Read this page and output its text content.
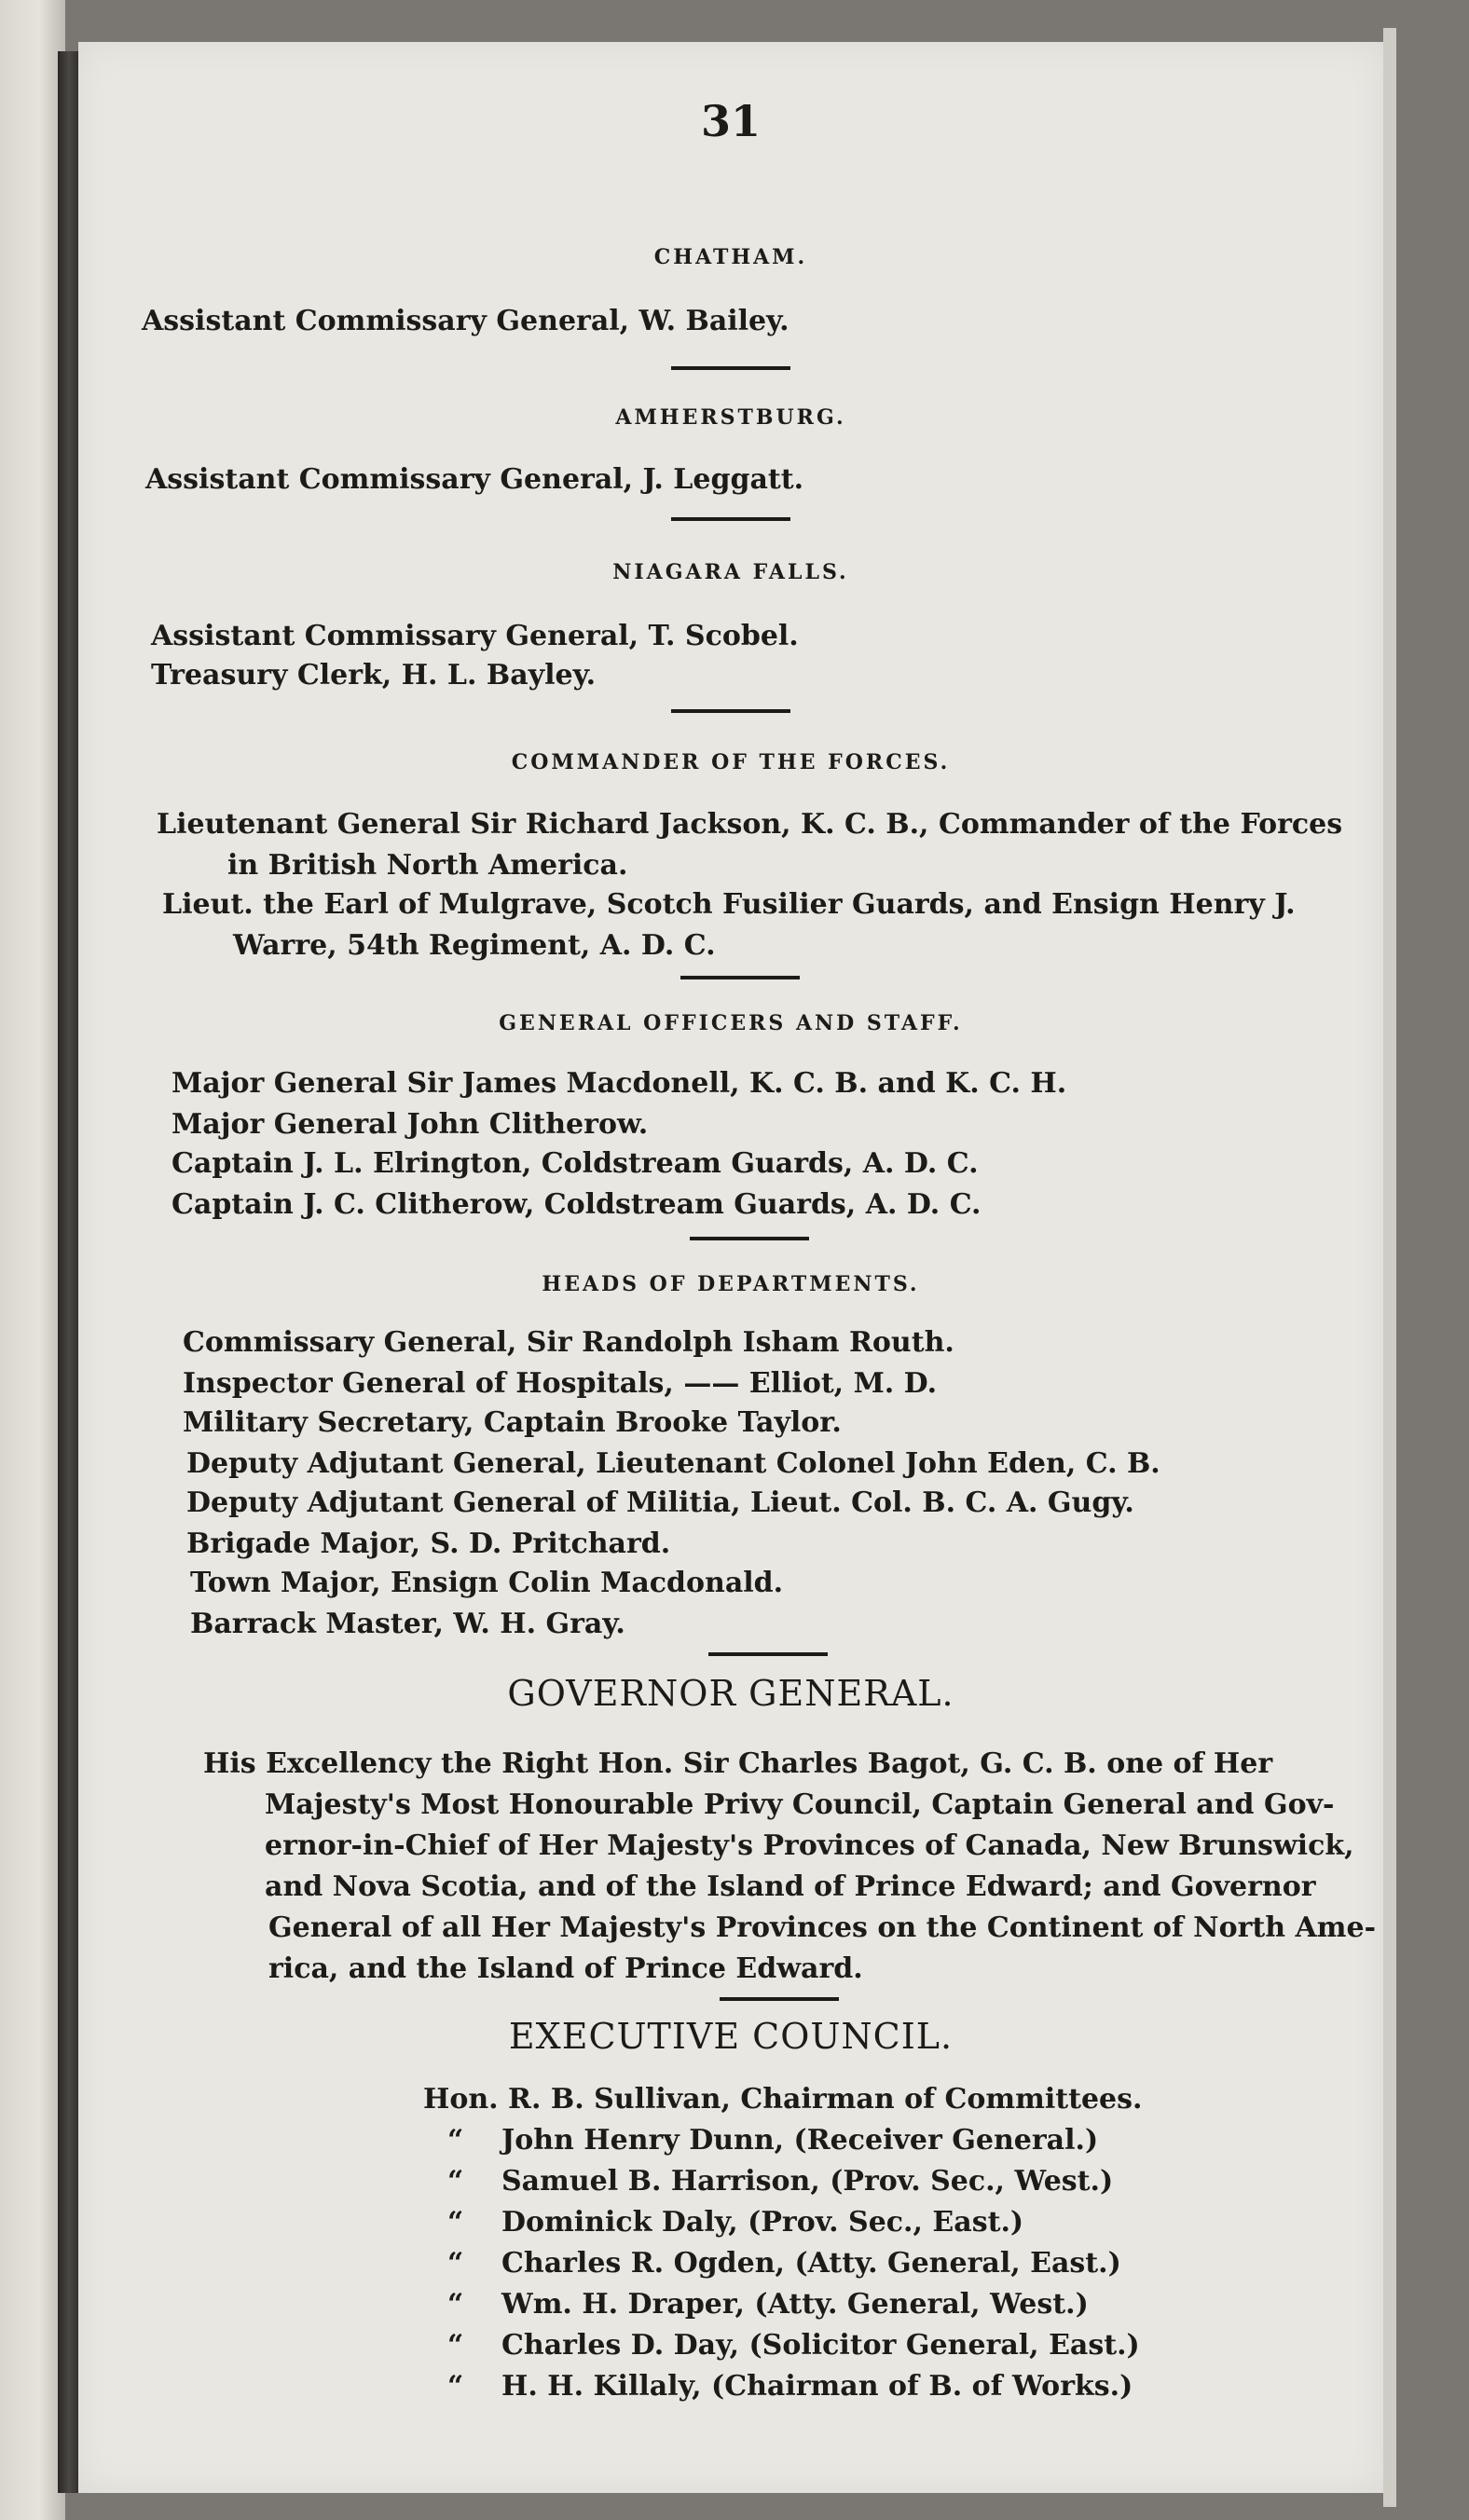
31
CHATHAM.
Assistant Commissary General, W. Bailey.
AMHERSTBURG.
Assistant Commissary General, J. Leggatt.
NIAGARA FALLS.
Assistant Commissary General, T. Scobel.
Treasury Clerk, H. L. Bayley.
COMMANDER OF THE FORCES.
Lieutenant General Sir Richard Jackson, K. C. B., Commander of the Forces
in British North America.
Lieut. the Earl of Mulgrave, Scotch Fusilier Guards, and Ensign Henry J.
Warre, 54th Regiment, A. D. C.
GENERAL OFFICERS AND STAFF.
Major General Sir James Macdonell, K. C. B. and K. C. H.
Major General John Clitherow.
Captain J. L. Elrington, Coldstream Guards, A. D. C.
Captain J. C. Clitherow, Coldstream Guards, A. D. C.
HEADS OF DEPARTMENTS.
Commissary General, Sir Randolph Isham Routh.
Inspector General of Hospitals, —— Elliot, M. D.
Military Secretary, Captain Brooke Taylor.
Deputy Adjutant General, Lieutenant Colonel John Eden, C. B.
Deputy Adjutant General of Militia, Lieut. Col. B. C. A. Gugy.
Brigade Major, S. D. Pritchard.
Town Major, Ensign Colin Macdonald.
Barrack Master, W. H. Gray.
GOVERNOR GENERAL.
His Excellency the Right Hon. Sir Charles Bagot, G. C. B. one of Her
Majesty's Most Honourable Privy Council, Captain General and Gov-
ernor-in-Chief of Her Majesty's Provinces of Canada, New Brunswick,
and Nova Scotia, and of the Island of Prince Edward; and Governor
General of all Her Majesty's Provinces on the Continent of North Ame-
rica, and the Island of Prince Edward.
EXECUTIVE COUNCIL.
Hon. R. B. Sullivan, Chairman of Committees.
“ John Henry Dunn, (Receiver General.)
“ Samuel B. Harrison, (Prov. Sec., West.)
“ Dominick Daly, (Prov. Sec., East.)
“ Charles R. Ogden, (Atty. General, East.)
“ Wm. H. Draper, (Atty. General, West.)
“ Charles D. Day, (Solicitor General, East.)
“ H. H. Killaly, (Chairman of B. of Works.)
